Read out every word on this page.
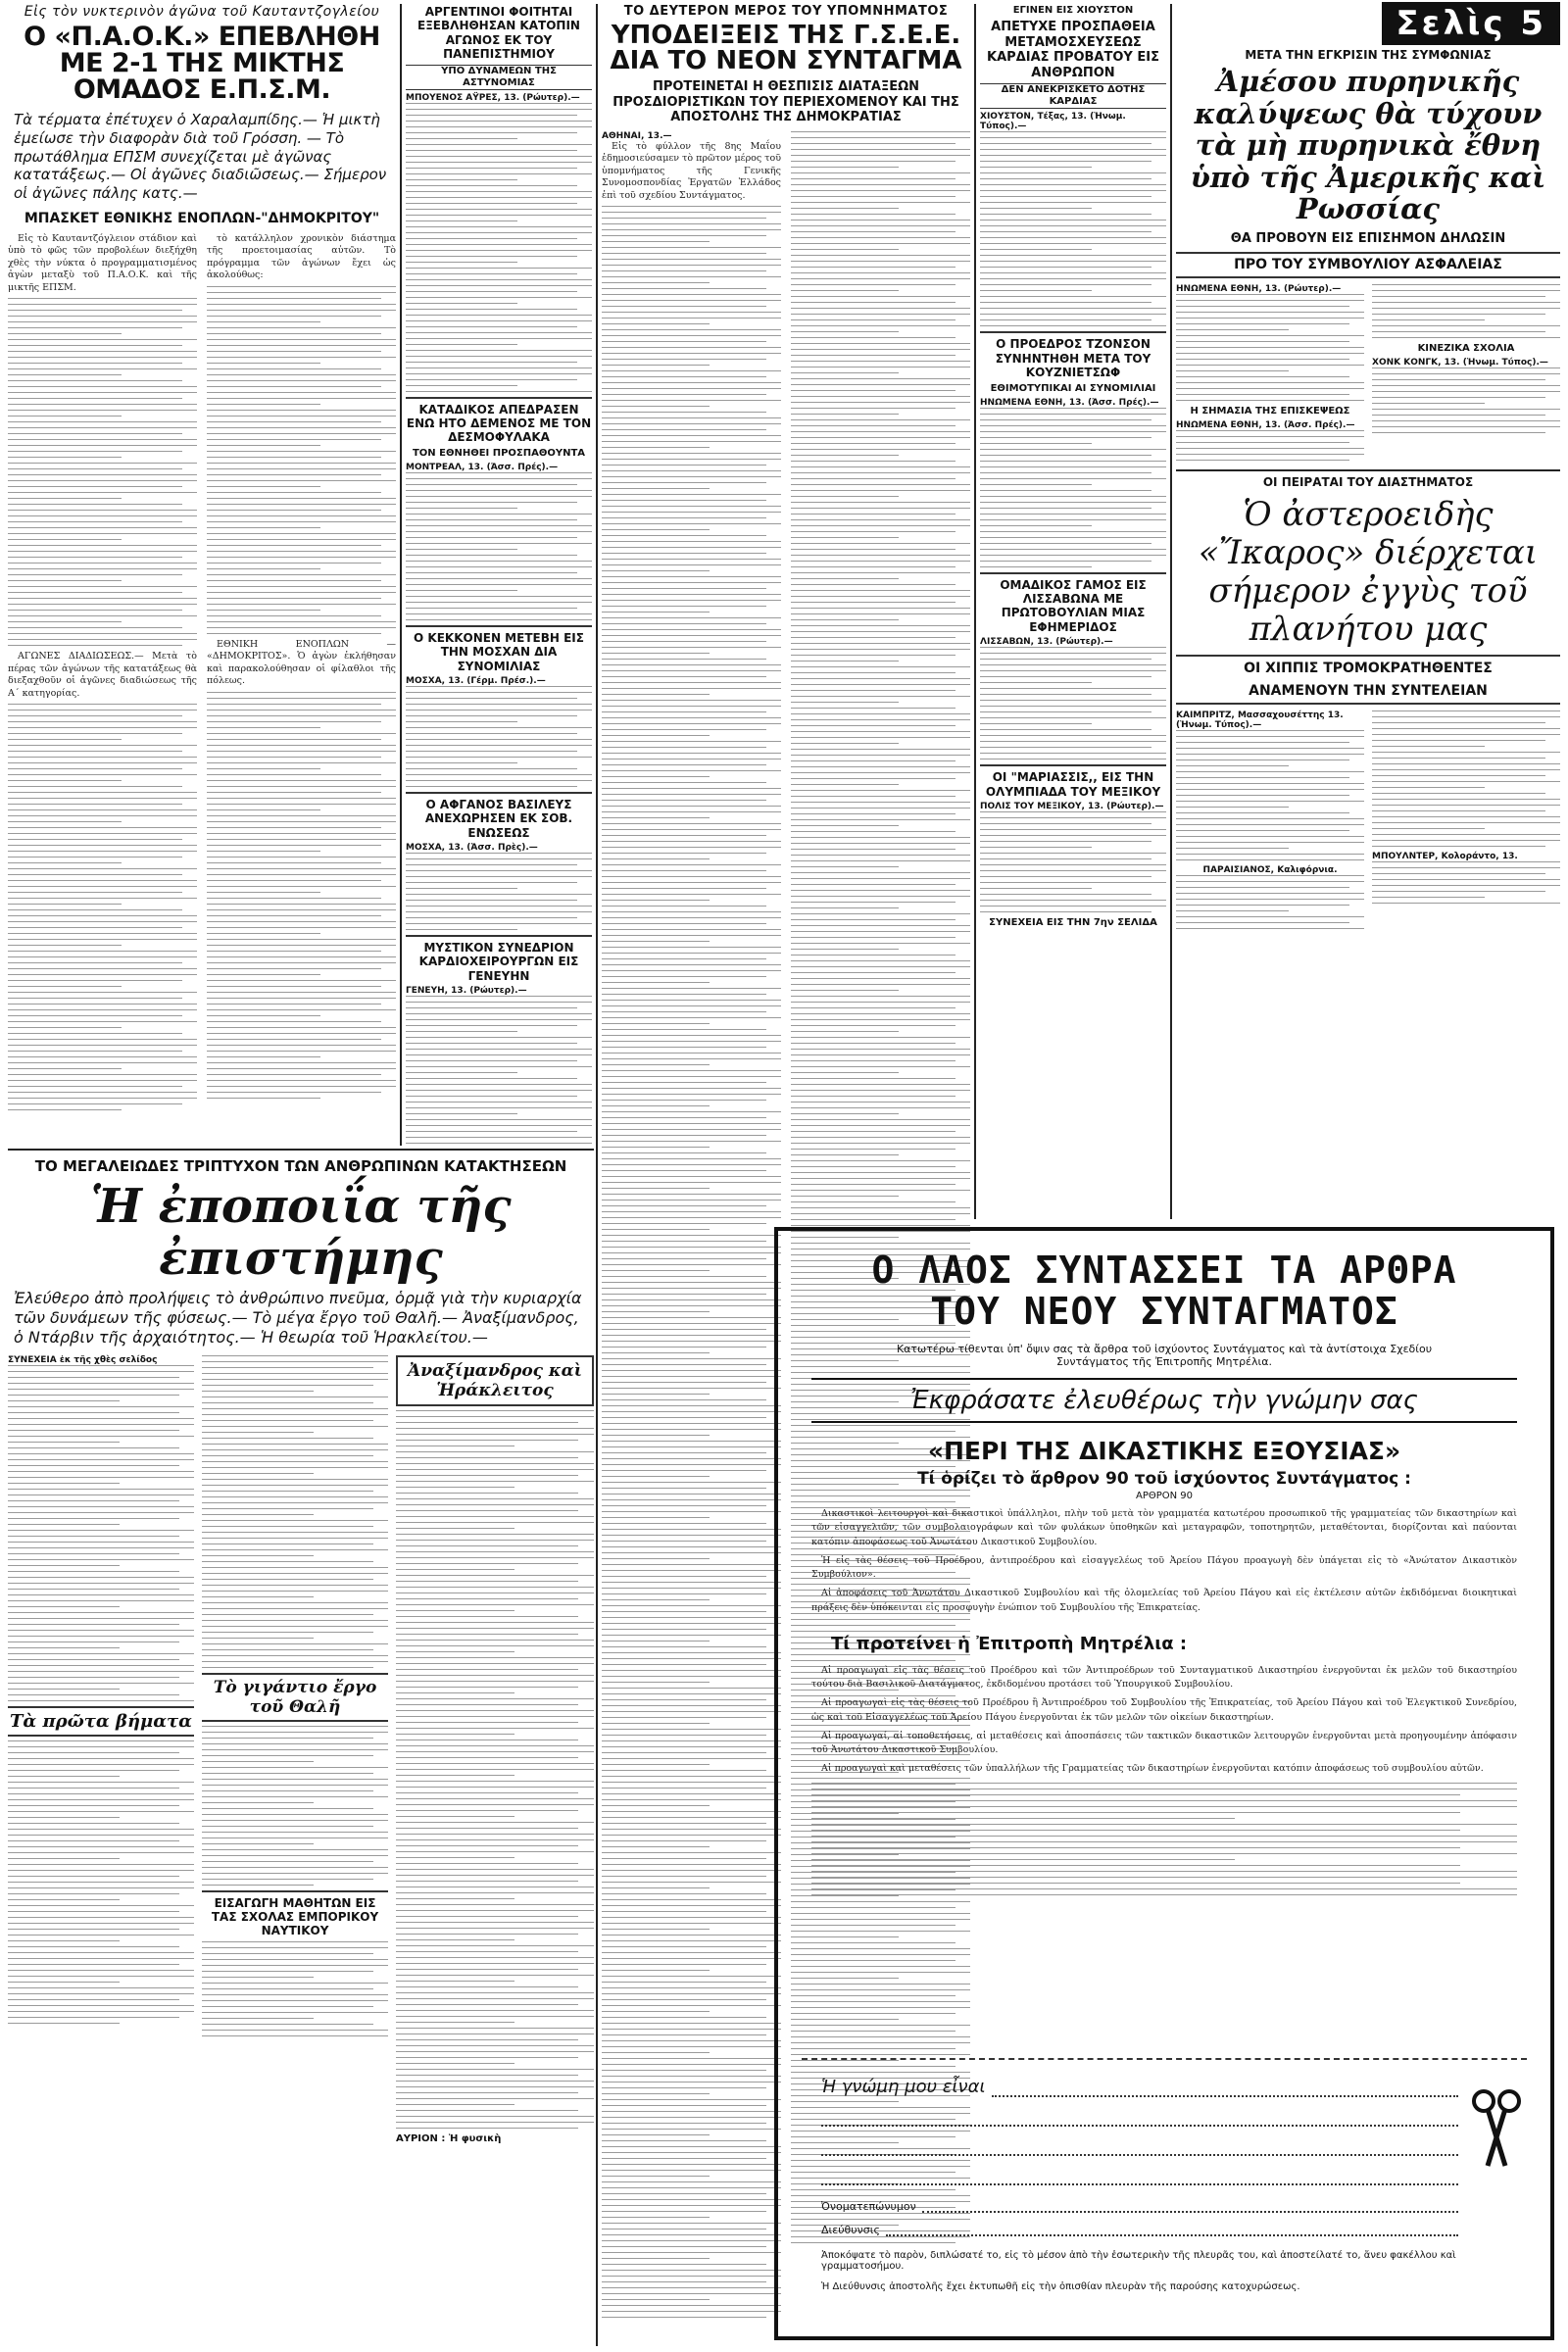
Εἰς τὸν νυκτερινὸν ἀγῶνα τοῦ Καυταντζογλείου
Ο «Π.Α.Ο.Κ.» ΕΠΕΒΛΗΘΗ ΜΕ 2-1 ΤΗΣ ΜΙΚΤΗΣ ΟΜΑΔΟΣ Ε.Π.Σ.Μ.
Τὰ τέρματα ἐπέτυχεν ὁ Χαραλαμπίδης.— Ἡ μικτὴ ἐμείωσε τὴν διαφορὰν διὰ τοῦ Γρόσση. — Τὸ πρωτάθλημα ΕΠΣΜ συνεχίζεται μὲ ἀγῶνας κατατάξεως.— Οἱ ἀγῶνες διαδιῶσεως.— Σήμερον οἱ ἀγῶνες πάλης κατς.—
ΜΠΑΣΚΕΤ ΕΘΝΙΚΗΣ ΕΝΟΠΛΩΝ-"ΔΗΜΟΚΡΙΤΟΥ"

Εἰς τὸ Καυταντζόγλειον στάδιον καὶ ὑπὸ τὸ φῶς τῶν προβολέων διεξήχθη χθὲς τὴν νύκτα ὁ προγραμματισμένος ἀγὼν μεταξὺ τοῦ Π.Α.Ο.Κ. καὶ τῆς μικτῆς ΕΠΣΜ.

ΑΓΩΝΕΣ ΔΙΑΔΙΩΣΕΩΣ.— Μετὰ τὸ πέρας τῶν ἀγώνων τῆς κατατάξεως θὰ διεξαχθοῦν οἱ ἀγῶνες διαδιώσεως τῆς Α΄ κατηγορίας.

τὸ κατάλληλον χρονικὸν διάστημα τῆς προετοιμασίας αὐτῶν. Τὸ πρόγραμμα τῶν ἀγώνων ἔχει ὡς ἀκολούθως:

ΕΘΝΙΚΗ ΕΝΟΠΛΩΝ — «ΔΗΜΟΚΡΙΤΟΣ». Ὁ ἀγὼν ἐκλήθησαν καὶ παρακολούθησαν οἱ φίλαθλοι τῆς πόλεως.

ΑΡΓΕΝΤΙΝΟΙ ΦΟΙΤΗΤΑΙ ΕΞΕΒΛΗΘΗΣΑΝ ΚΑΤΟΠΙΝ ΑΓΩΝΟΣ ΕΚ ΤΟΥ ΠΑΝΕΠΙΣΤΗΜΙΟΥ
ΥΠΟ ΔΥΝΑΜΕΩΝ ΤΗΣ ΑΣΤΥΝΟΜΙΑΣ
ΜΠΟΥΕΝΟΣ ΑΫΡΕΣ, 13. (Ρώυτερ).—
ΚΑΤΑΔΙΚΟΣ ΑΠΕΔΡΑΣΕΝ ΕΝΩ ΗΤΟ ΔΕΜΕΝΟΣ ΜΕ ΤΟΝ ΔΕΣΜΟΦΥΛΑΚΑ
ΤΟΝ ΕΘΝΗΘΕΙ ΠΡΟΣΠΑΘΟΥΝΤΑ
ΜΟΝΤΡΕΑΛ, 13. (Ἀσσ. Πρές).—
Ο ΚΕΚΚΟΝΕΝ ΜΕΤΕΒΗ ΕΙΣ ΤΗΝ ΜΟΣΧΑΝ ΔΙΑ ΣΥΝΟΜΙΛΙΑΣ
ΜΟΣΧΑ, 13. (Γέρμ. Πρέσ.).—
Ο ΑΦΓΑΝΟΣ ΒΑΣΙΛΕΥΣ ΑΝΕΧΩΡΗΣΕΝ ΕΚ ΣΟΒ. ΕΝΩΣΕΩΣ
ΜΟΣΧΑ, 13. (Ἀσσ. Πρὲς).—
ΜΥΣΤΙΚΟΝ ΣΥΝΕΔΡΙΟΝ ΚΑΡΔΙΟΧΕΙΡΟΥΡΓΩΝ ΕΙΣ ΓΕΝΕΥΗΝ
ΓΕΝΕΥΗ, 13. (Ρώυτερ).—
ΤΟ ΔΕΥΤΕΡΟΝ ΜΕΡΟΣ ΤΟΥ ΥΠΟΜΝΗΜΑΤΟΣ
ΥΠΟΔΕΙΞΕΙΣ ΤΗΣ Γ.Σ.Ε.Ε. ΔΙΑ ΤΟ ΝΕΟΝ ΣΥΝΤΑΓΜΑ
ΠΡΟΤΕΙΝΕΤΑΙ Η ΘΕΣΠΙΣΙΣ ΔΙΑΤΑΞΕΩΝ ΠΡΟΣΔΙΟΡΙΣΤΙΚΩΝ ΤΟΥ ΠΕΡΙΕΧΟΜΕΝΟΥ ΚΑΙ ΤΗΣ ΑΠΟΣΤΟΛΗΣ ΤΗΣ ΔΗΜΟΚΡΑΤΙΑΣ
ΑΘΗΝΑΙ, 13.—

Εἰς τὸ φύλλον τῆς 8ης Μαΐου ἐδημοσιεύσαμεν τὸ πρῶτον μέρος τοῦ ὑπομνήματος τῆς Γενικῆς Συνομοσπονδίας Ἐργατῶν Ἑλλάδος ἐπὶ τοῦ σχεδίου Συντάγματος.

ΕΓΙΝΕΝ ΕΙΣ ΧΙΟΥΣΤΟΝ
ΑΠΕΤΥΧΕ ΠΡΟΣΠΑΘΕΙΑ ΜΕΤΑΜΟΣΧΕΥΣΕΩΣ ΚΑΡΔΙΑΣ ΠΡΟΒΑΤΟΥ ΕΙΣ ΑΝΘΡΩΠΟΝ
ΔΕΝ ΑΝΕΚΡΙΣΚΕΤΟ ΔΟΤΗΣ ΚΑΡΔΙΑΣ
ΧΙΟΥΣΤΟΝ, Τέξας, 13. (Ἡνωμ. Τύπος).—
Ο ΠΡΟΕΔΡΟΣ ΤΖΟΝΣΟΝ ΣΥΝΗΝΤΗΘΗ ΜΕΤΑ ΤΟΥ ΚΟΥΖΝΙΕΤΣΩΦ
ΕΘΙΜΟΤΥΠΙΚΑΙ ΑΙ ΣΥΝΟΜΙΛΙΑΙ
ΗΝΩΜΕΝΑ ΕΘΝΗ, 13. (Ἀσσ. Πρές).—
ΟΜΑΔΙΚΟΣ ΓΑΜΟΣ ΕΙΣ ΛΙΣΣΑΒΩΝΑ ΜΕ ΠΡΩΤΟΒΟΥΛΙΑΝ ΜΙΑΣ ΕΦΗΜΕΡΙΔΟΣ
ΛΙΣΣΑΒΩΝ, 13. (Ρώυτερ).—
ΟΙ "ΜΑΡΙΑΣΣΙΣ,, ΕΙΣ ΤΗΝ ΟΛΥΜΠΙΑΔΑ ΤΟΥ ΜΕΞΙΚΟΥ
ΠΟΛΙΣ ΤΟΥ ΜΕΞΙΚΟΥ, 13. (Ρώυτερ).—
ΣΥΝΕΧΕΙΑ ΕΙΣ ΤΗΝ 7ην ΣΕΛΙΔΑ
Σελὶς 5
ΜΕΤΑ ΤΗΝ ΕΓΚΡΙΣΙΝ ΤΗΣ ΣΥΜΦΩΝΙΑΣ
Ἀμέσου πυρηνικῆς καλύψεως θὰ τύχουν τὰ μὴ πυρηνικὰ ἔθνη ὑπὸ τῆς Ἀμερικῆς καὶ Ρωσσίας
ΘΑ ΠΡΟΒΟΥΝ ΕΙΣ ΕΠΙΣΗΜΟΝ ΔΗΛΩΣΙΝ
ΠΡΟ ΤΟΥ ΣΥΜΒΟΥΛΙΟΥ ΑΣΦΑΛΕΙΑΣ
ΗΝΩΜΕΝΑ ΕΘΝΗ, 13. (Ρώυτερ).—
Η ΣΗΜΑΣΙΑ ΤΗΣ ΕΠΙΣΚΕΨΕΩΣ
ΗΝΩΜΕΝΑ ΕΘΝΗ, 13. (Ἀσσ. Πρές).—
ΚΙΝΕΖΙΚΑ ΣΧΟΛΙΑ
ΧΟΝΚ ΚΟΝΓΚ, 13. (Ἡνωμ. Τύπος).—
ΟΙ ΠΕΙΡΑΤΑΙ ΤΟΥ ΔΙΑΣΤΗΜΑΤΟΣ
Ὁ ἀστεροειδὴς «Ἴκαρος» διέρχεται σήμερον ἐγγὺς τοῦ πλανήτου μας
ΟΙ ΧΙΠΠΙΣ ΤΡΟΜΟΚΡΑΤΗΘΕΝΤΕΣ
ΑΝΑΜΕΝΟΥΝ ΤΗΝ ΣΥΝΤΕΛΕΙΑΝ
ΚΑΙΜΠΡΙΤΖ, Μασσαχουσέττης 13. (Ἡνωμ. Τύπος).—
ΠΑΡΑΙΣΙΑΝΟΣ, Καλιφόρνια.
ΜΠΟΥΛΝΤΕΡ, Κολοράντο, 13.
ΤΟ ΜΕΓΑΛΕΙΩΔΕΣ ΤΡΙΠΤΥΧΟΝ ΤΩΝ ΑΝΘΡΩΠΙΝΩΝ ΚΑΤΑΚΤΗΣΕΩΝ
Ἡ ἐποποιΐα τῆς ἐπιστήμης
Ἐλεύθερο ἀπὸ προλήψεις τὸ ἀνθρώπινο πνεῦμα, ὁρμᾷ γιὰ τὴν κυριαρχία τῶν δυνάμεων τῆς φύσεως.— Τὸ μέγα ἔργο τοῦ Θαλῆ.— Ἀναξίμανδρος, ὁ Ντάρβιν τῆς ἀρχαιότητος.— Ἡ θεωρία τοῦ Ἡρακλείτου.—
ΣΥΝΕΧΕΙΑ ἐκ τῆς χθὲς σελίδος
Τὰ πρῶτα βήματα
Τὸ γιγάντιο ἔργο τοῦ Θαλῆ
ΕΙΣΑΓΩΓΗ ΜΑΘΗΤΩΝ ΕΙΣ ΤΑΣ ΣΧΟΛΑΣ ΕΜΠΟΡΙΚΟΥ ΝΑΥΤΙΚΟΥ
Ἀναξίμανδρος καὶ Ἡράκλειτος
ΑΥΡΙΟΝ : Ἡ φυσικὴ
Ο ΛΑΟΣ ΣΥΝΤΑΣΣΕΙ ΤΑ ΑΡΘΡΑ ΤΟΥ ΝΕΟΥ ΣΥΝΤΑΓΜΑΤΟΣ
Κατωτέρω τίθενται ὑπ' ὄψιν σας τὰ ἄρθρα τοῦ ἰσχύοντος Συντάγματος καὶ τὰ ἀντίστοιχα Σχεδίου Συντάγματος τῆς Ἐπιτροπῆς Μητρέλια.
Ἐκφράσατε ἐλευθέρως τὴν γνώμην σας
«ΠΕΡΙ ΤΗΣ ΔΙΚΑΣΤΙΚΗΣ ΕΞΟΥΣΙΑΣ»
Τί ὁρίζει τὸ ἄρθρον 90 τοῦ ἰσχύοντος Συντάγματος :
ΑΡΘΡΟΝ 90

Δικαστικοὶ λειτουργοὶ καὶ δικαστικοὶ ὑπάλληλοι, πλὴν τοῦ μετὰ τὸν γραμματέα κατωτέρου προσωπικοῦ τῆς γραμματείας τῶν δικαστηρίων καὶ τῶν εἰσαγγελιῶν, τῶν συμβολαιογράφων καὶ τῶν φυλάκων ὑποθηκῶν καὶ μεταγραφῶν, τοποτηρητῶν, μεταθέτονται, διορίζονται καὶ παύονται κατόπιν ἀποφάσεως τοῦ Ἀνωτάτου Δικαστικοῦ Συμβουλίου.

Ἡ εἰς τὰς θέσεις τοῦ Προέδρου, ἀντιπροέδρου καὶ εἰσαγγελέως τοῦ Ἀρείου Πάγου προαγωγὴ δὲν ὑπάγεται εἰς τὸ «Ἀνώτατον Δικαστικὸν Συμβούλιον».

Αἱ ἀποφάσεις τοῦ Ἀνωτάτου Δικαστικοῦ Συμβουλίου καὶ τῆς ὁλομελείας τοῦ Ἀρείου Πάγου καὶ εἰς ἐκτέλεσιν αὐτῶν ἐκδιδόμεναι διοικητικαὶ πράξεις δὲν ὑπόκεινται εἰς προσφυγὴν ἐνώπιον τοῦ Συμβουλίου τῆς Ἐπικρατείας.

Τί προτείνει ἡ Ἐπιτροπὴ Μητρέλια :

Αἱ προαγωγαὶ εἰς τὰς θέσεις τοῦ Προέδρου καὶ τῶν Ἀντιπροέδρων τοῦ Συνταγματικοῦ Δικαστηρίου ἐνεργοῦνται ἐκ μελῶν τοῦ δικαστηρίου τούτου διὰ Βασιλικοῦ Διατάγματος, ἐκδιδομένου προτάσει τοῦ Ὑπουργικοῦ Συμβουλίου.

Αἱ προαγωγαὶ εἰς τὰς θέσεις τοῦ Προέδρου ἢ Ἀντιπροέδρου τοῦ Συμβουλίου τῆς Ἐπικρατείας, τοῦ Ἀρείου Πάγου καὶ τοῦ Ἐλεγκτικοῦ Συνεδρίου, ὡς καὶ τοῦ Εἰσαγγελέως τοῦ Ἀρείου Πάγου ἐνεργοῦνται ἐκ τῶν μελῶν τῶν οἰκείων δικαστηρίων.

Αἱ προαγωγαί, αἱ τοποθετήσεις, αἱ μεταθέσεις καὶ ἀποσπάσεις τῶν τακτικῶν δικαστικῶν λειτουργῶν ἐνεργοῦνται μετὰ προηγουμένην ἀπόφασιν τοῦ Ἀνωτάτου Δικαστικοῦ Συμβουλίου.

Αἱ προαγωγαὶ καὶ μεταθέσεις τῶν ὑπαλλήλων τῆς Γραμματείας τῶν δικαστηρίων ἐνεργοῦνται κατόπιν ἀποφάσεως τοῦ συμβουλίου αὐτῶν.

Ἡ γνώμη μου εἶναι
Ὀνοματεπώνυμον
Διεύθυνσις
Ἀποκόψατε τὸ παρὸν, διπλώσατέ το, εἰς τὸ μέσον ἀπὸ τὴν ἐσωτερικὴν τῆς πλευρᾶς του, καὶ ἀποστείλατέ το, ἄνευ φακέλλου καὶ γραμματοσήμου.
Ἡ Διεύθυνσις ἀποστολῆς ἔχει ἐκτυπωθῆ εἰς τὴν ὀπισθίαν πλευρὰν τῆς παρούσης κατοχυρώσεως.
